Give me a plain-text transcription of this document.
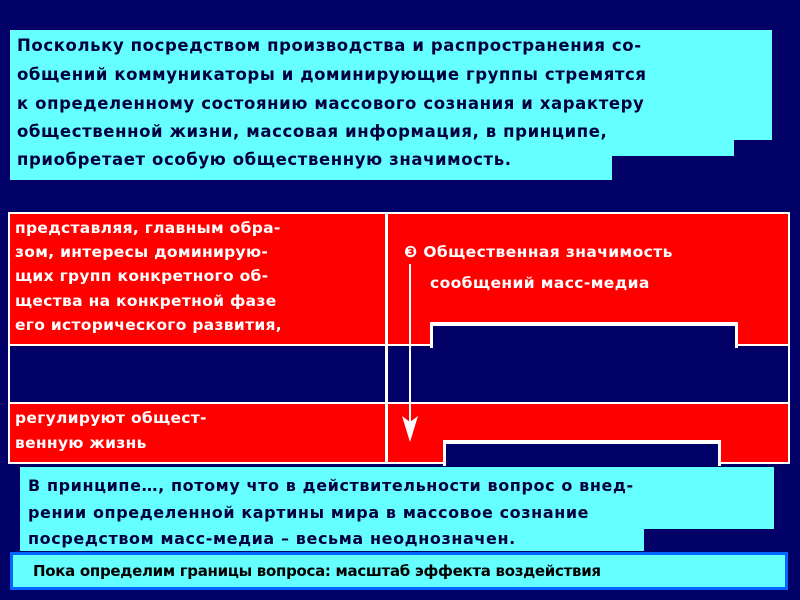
Поскольку посредством производства и распространения со-
общений коммуникаторы и доминирующие группы стремятся
к определенному состоянию массового сознания и характеру
общественной жизни, массовая информация, в принципе,
приобретает особую общественную значимость.
представляя, главным обра-
зом, интересы доминирую-
щих групп конкретного об-
щества на конкретной фазе
его исторического развития,
регулируют общест-
венную жизнь
❸ Общественная значимость
сообщений масс-медиа
В принципе…, потому что в действительности вопрос о внед-
рении определенной картины мира в массовое сознание
посредством масс-медиа – весьма неоднозначен.
Пока определим границы вопроса: масштаб эффекта воздействия
